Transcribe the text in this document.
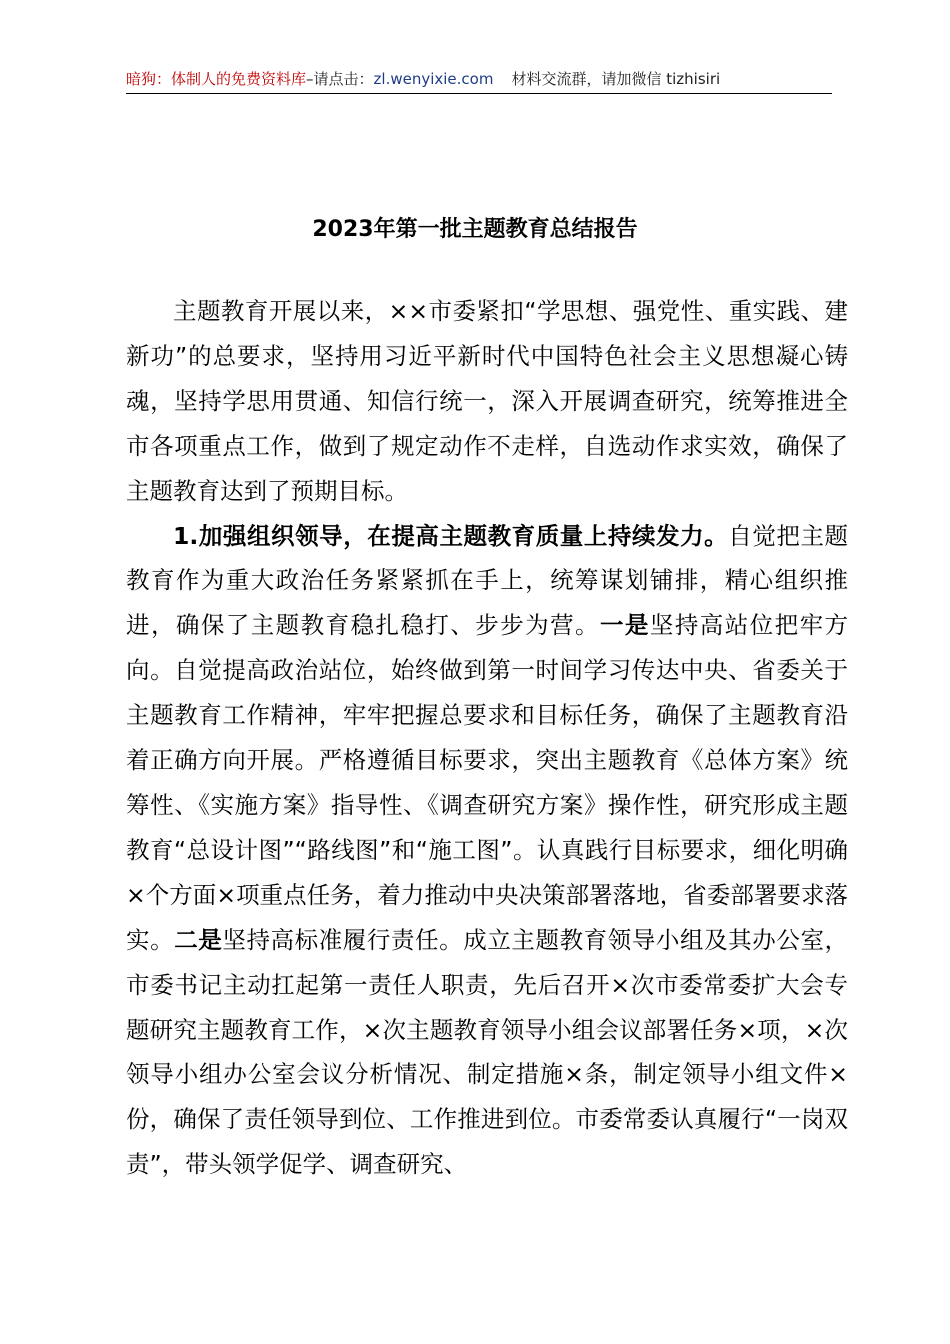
暗狗：体制人的免费资料库–请点击：zl.wenyixie.com 材料交流群，请加微信 tizhisiri
2023年第一批主题教育总结报告

主题教育开展以来，××市委紧扣“学思想、强党性、重实践、建新功”的总要求，坚持用习近平新时代中国特色社会主义思想凝心铸魂，坚持学思用贯通、知信行统一，深入开展调查研究，统筹推进全市各项重点工作，做到了规定动作不走样，自选动作求实效，确保了主题教育达到了预期目标。

1.加强组织领导，在提高主题教育质量上持续发力。自觉把主题教育作为重大政治任务紧紧抓在手上，统筹谋划铺排，精心组织推进，确保了主题教育稳扎稳打、步步为营。一是坚持高站位把牢方向。自觉提高政治站位，始终做到第一时间学习传达中央、省委关于主题教育工作精神，牢牢把握总要求和目标任务，确保了主题教育沿着正确方向开展。严格遵循目标要求，突出主题教育《总体方案》统筹性、《实施方案》指导性、《调查研究方案》操作性，研究形成主题教育“总设计图”“路线图”和“施工图”。认真践行目标要求，细化明确×个方面×项重点任务，着力推动中央决策部署落地，省委部署要求落实。二是坚持高标准履行责任。成立主题教育领导小组及其办公室，市委书记主动扛起第一责任人职责，先后召开×次市委常委扩大会专题研究主题教育工作，×次主题教育领导小组会议部署任务×项，×次领导小组办公室会议分析情况、制定措施×条，制定领导小组文件×份，确保了责任领导到位、工作推进到位。市委常委认真履行“一岗双责”，带头领学促学、调查研究、
